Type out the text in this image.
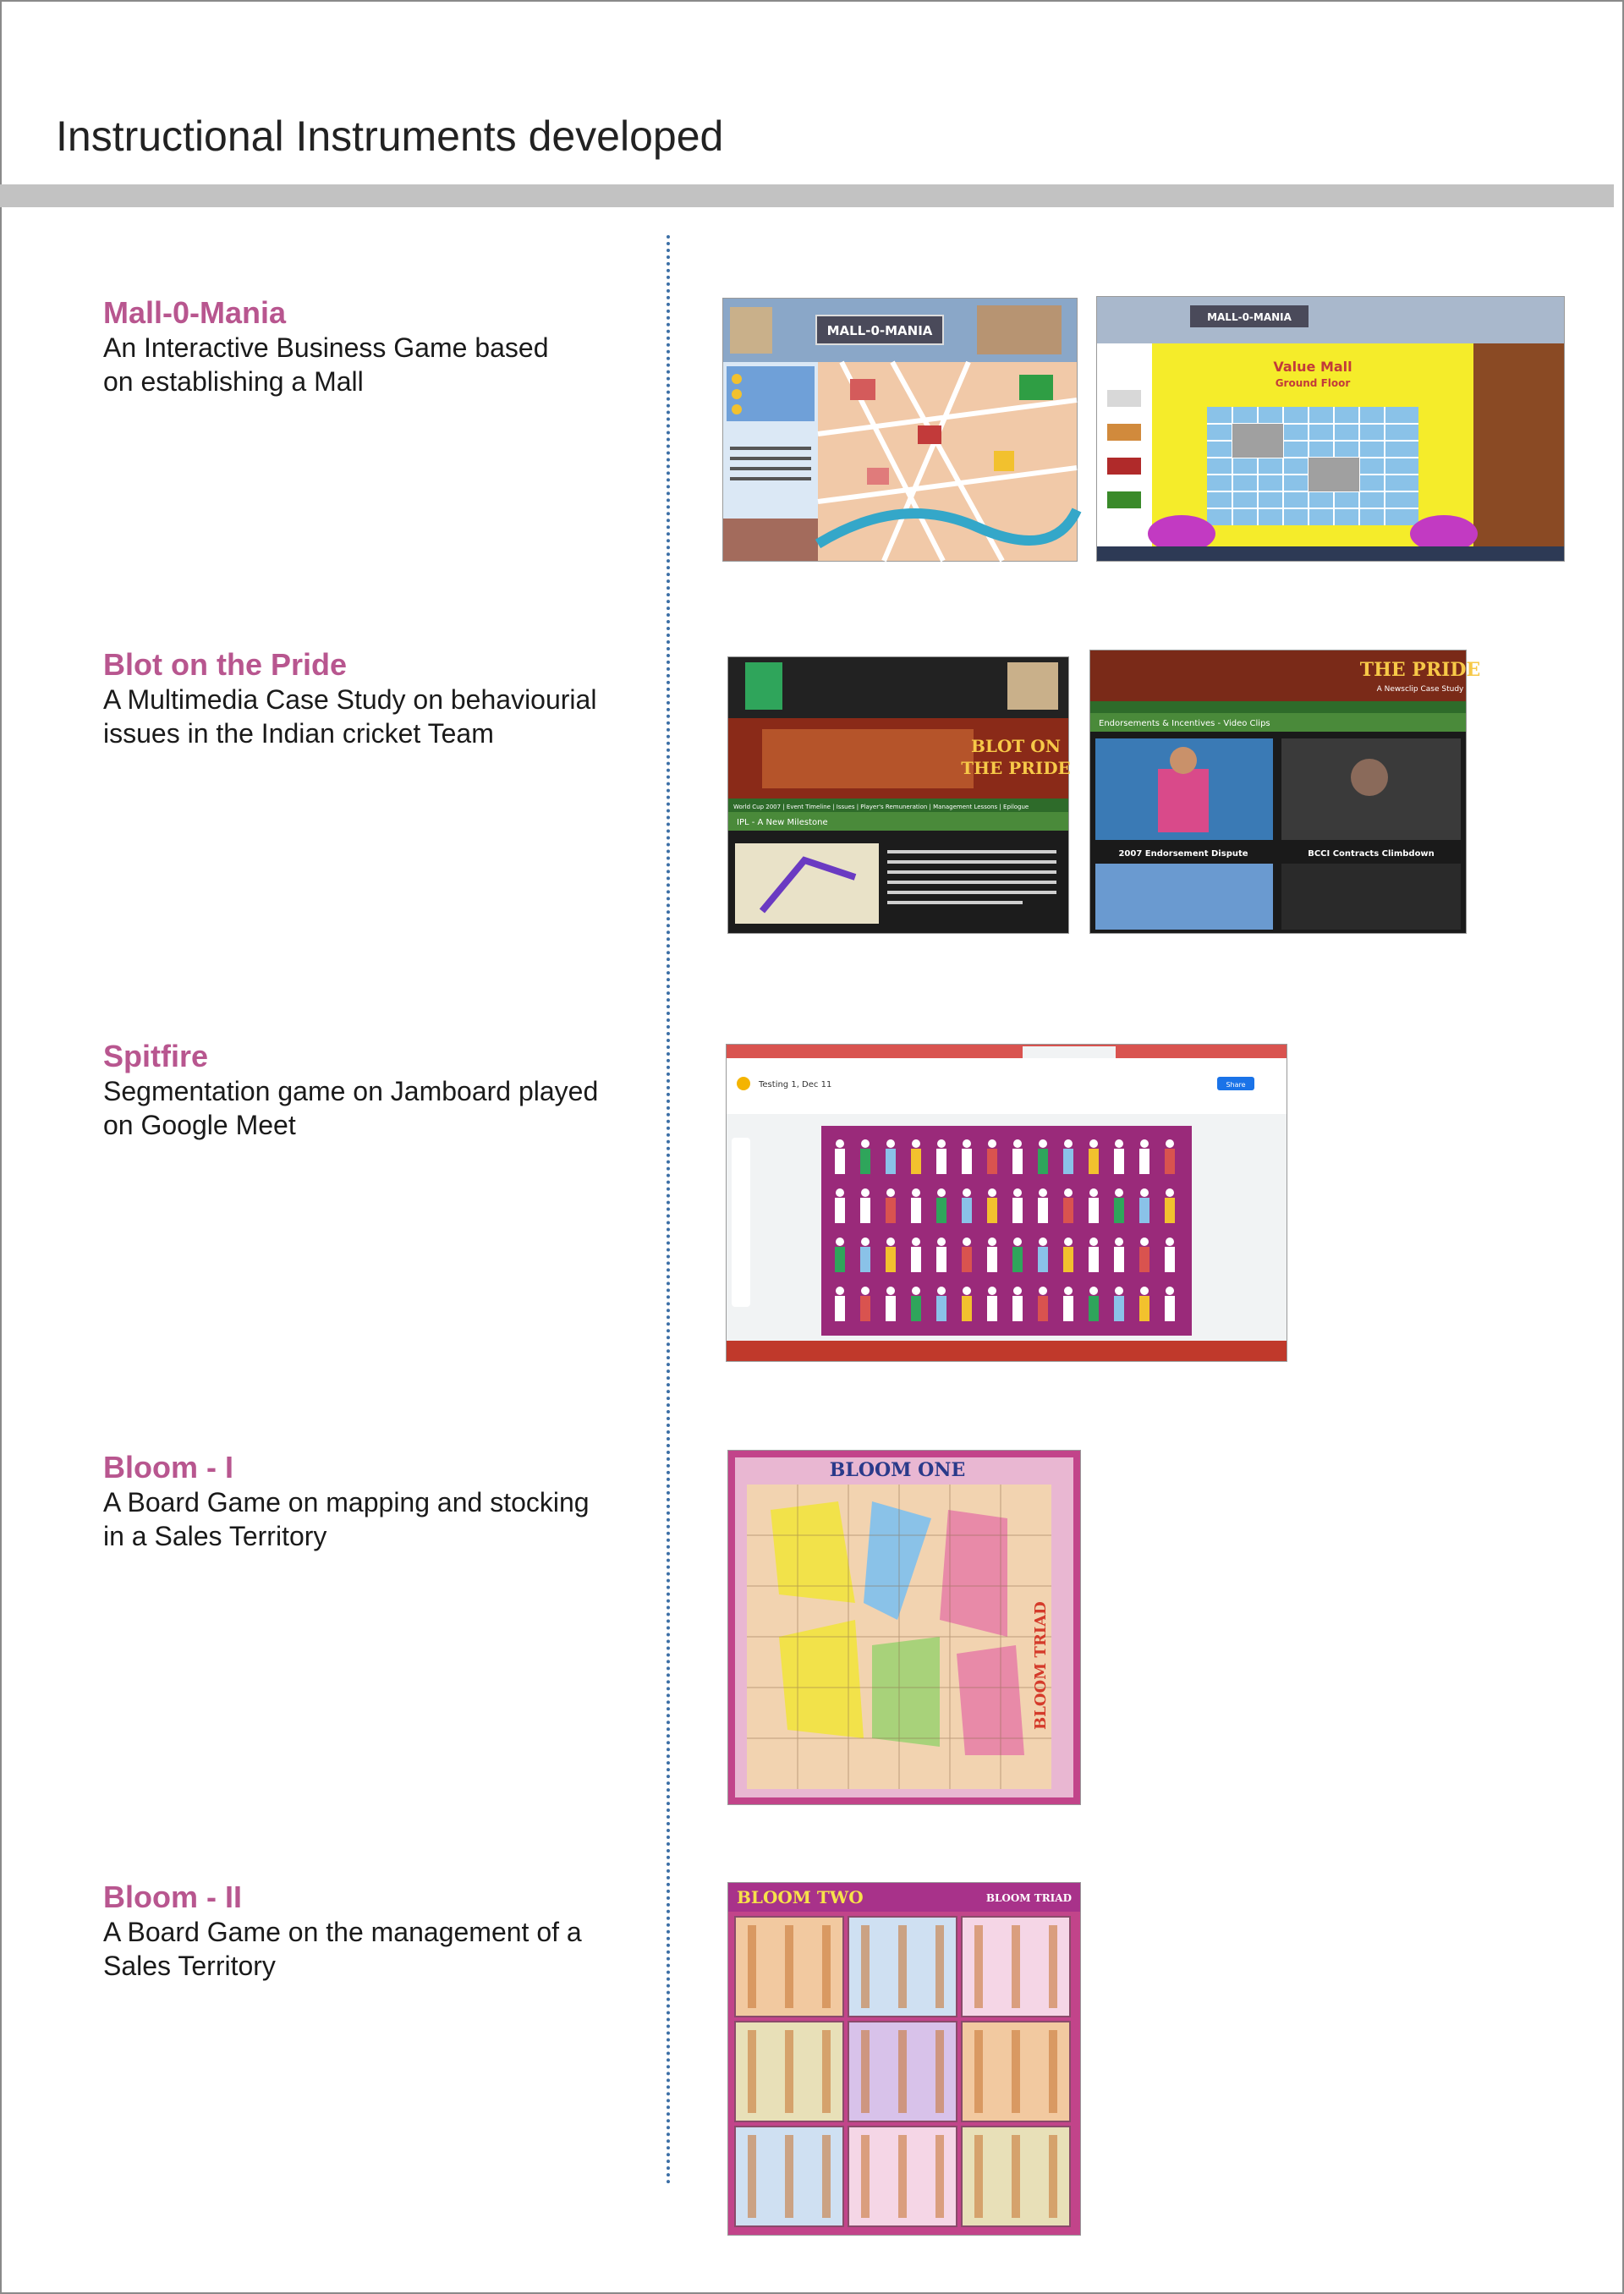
Instructional Instruments developed
Mall-0-Mania
An Interactive Business Game based
on establishing a Mall
Blot on the Pride
A Multimedia Case Study on behaviourial
issues in the Indian cricket Team
Spitfire
Segmentation game on Jamboard played
on Google Meet
Bloom - I
A Board Game on mapping and stocking
in a Sales Territory
Bloom - II
A Board Game on the management of a
Sales Territory
MALL-0-MANIA
MALL-0-MANIA
Value Mall
Ground Floor
BLOT ON
THE PRIDE
World Cup 2007 | Event Timeline | Issues | Player's Remuneration | Management Lessons | Epilogue
IPL - A New Milestone
THE PRIDE
A Newsclip Case Study
Endorsements & Incentives - Video Clips
2007 Endorsement Dispute	BCCI Contracts Climbdown
Testing 1, Dec 11	Share
BLOOM ONE
BLOOM TRIAD
BLOOM TWO	BLOOM TRIAD
